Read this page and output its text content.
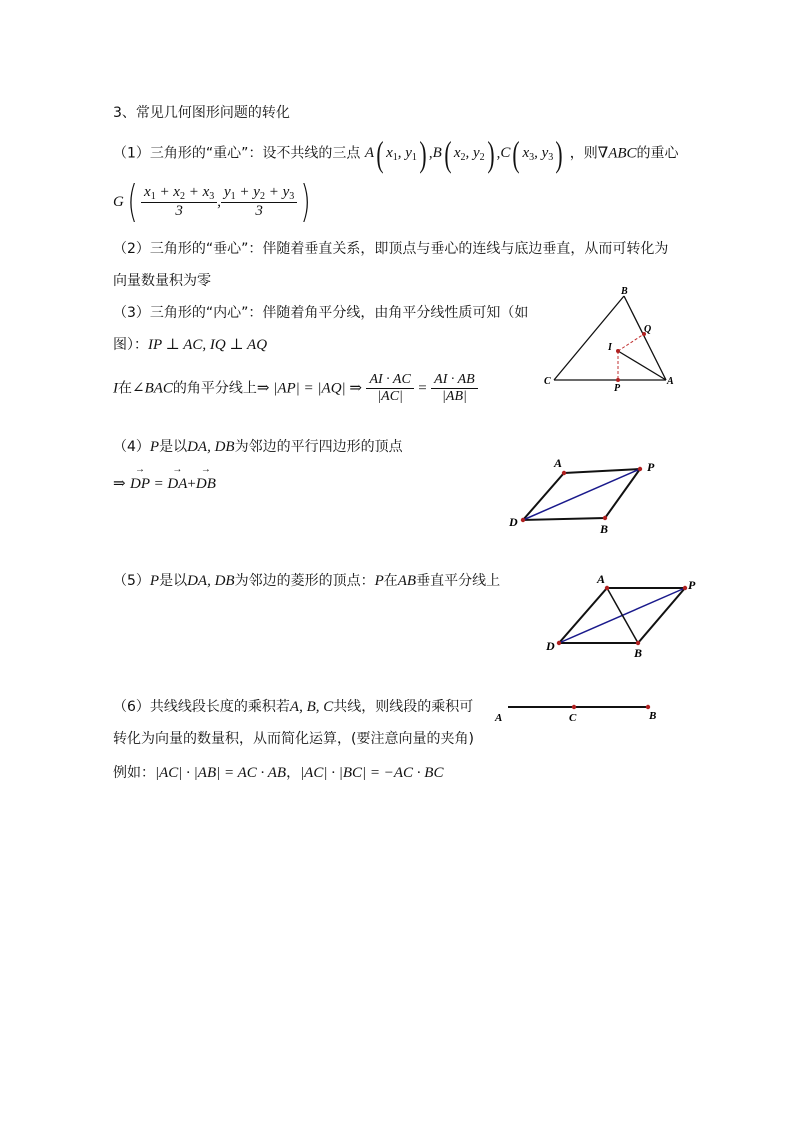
3、常见几何图形问题的转化
（1）三角形的“重心”：设不共线的三点 A( $x_1$, $y_1$) ,B( $x_2$, $y_2$) ,C( $x_3$, $y_3$) ，则∇ABC的重心
$G( \frac{x_1 + x_2 + x_3}{3}$ , $\frac{y_1 + y_2 + y_3}{3}$ )
（2）三角形的“垂心”：伴随着垂直关系，即顶点与垂心的连线与底边垂直，从而可转化为
向量数量积为零
（3）三角形的“内心”：伴随着角平分线，由角平分线性质可知（如
图）：IP ⊥ AC, IQ ⊥ AQ
I在∠BAC的角平分线上⇒ |AP| = |AQ| ⇒ $\frac{AI \cdot AC}{|AC|} = \frac{AI \cdot AB}{|AB|}$
B
Q
I
C
P
A
（4）P是以DA, DB为邻边的平行四边形的顶点
⇒ → DP = → DA+→ DB
A	P
D	B
（5）P是以DA, DB为邻边的菱形的顶点：P在AB垂直平分线上	A	P
D	B
（6）共线线段长度的乘积若A, B, C共线，则线段的乘积可
转化为向量的数量积，从而简化运算，(要注意向量的夹角)
例如：|AC| · |AB| = AC · AB，|AC| · |BC| = −AC · BC
A	C	B
